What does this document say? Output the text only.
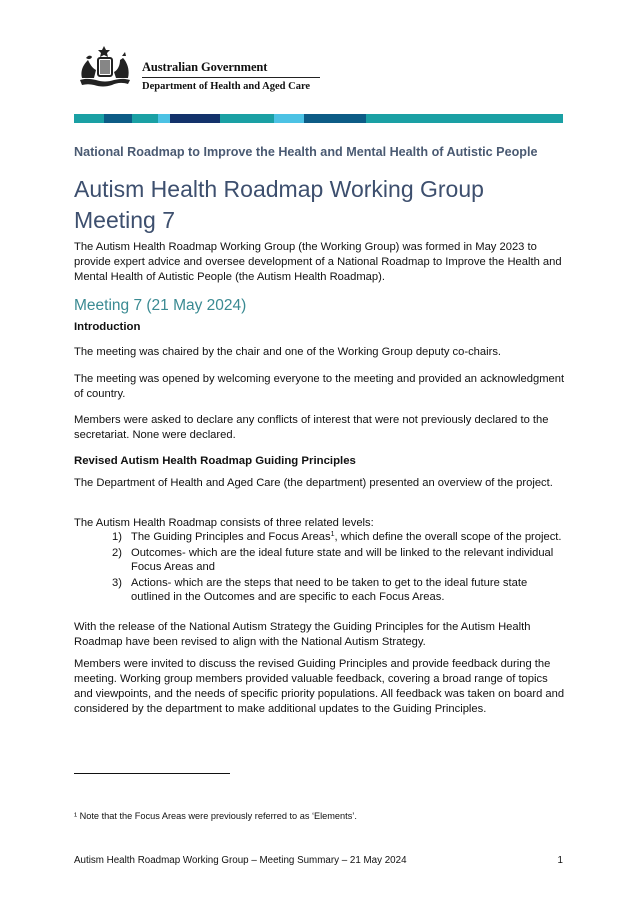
Australian Government
Department of Health and Aged Care
National Roadmap to Improve the Health and Mental Health of Autistic People
Autism Health Roadmap Working Group
Meeting 7

The Autism Health Roadmap Working Group (the Working Group) was formed in May 2023 to provide expert advice and oversee development of a National Roadmap to Improve the Health and Mental Health of Autistic People (the Autism Health Roadmap).

Meeting 7 (21 May 2024)
Introduction

The meeting was chaired by the chair and one of the Working Group deputy co-chairs.

The meeting was opened by welcoming everyone to the meeting and provided an acknowledgment of country.

Members were asked to declare any conflicts of interest that were not previously declared to the secretariat. None were declared.

Revised Autism Health Roadmap Guiding Principles

The Department of Health and Aged Care (the department) presented an overview of the project.

The Autism Health Roadmap consists of three related levels:

1) The Guiding Principles and Focus Areas$^1$, which define the overall scope of the project.
2) Outcomes- which are the ideal future state and will be linked to the relevant individual Focus Areas and
3) Actions- which are the steps that need to be taken to get to the ideal future state outlined in the Outcomes and are specific to each Focus Areas.

With the release of the National Autism Strategy the Guiding Principles for the Autism Health Roadmap have been revised to align with the National Autism Strategy.

Members were invited to discuss the revised Guiding Principles and provide feedback during the meeting. Working group members provided valuable feedback, covering a broad range of topics and viewpoints, and the needs of specific priority populations. All feedback was taken on board and considered by the department to make additional updates to the Guiding Principles.

¹ Note that the Focus Areas were previously referred to as ‘Elements’.
Autism Health Roadmap Working Group – Meeting Summary – 21 May 2024	1
